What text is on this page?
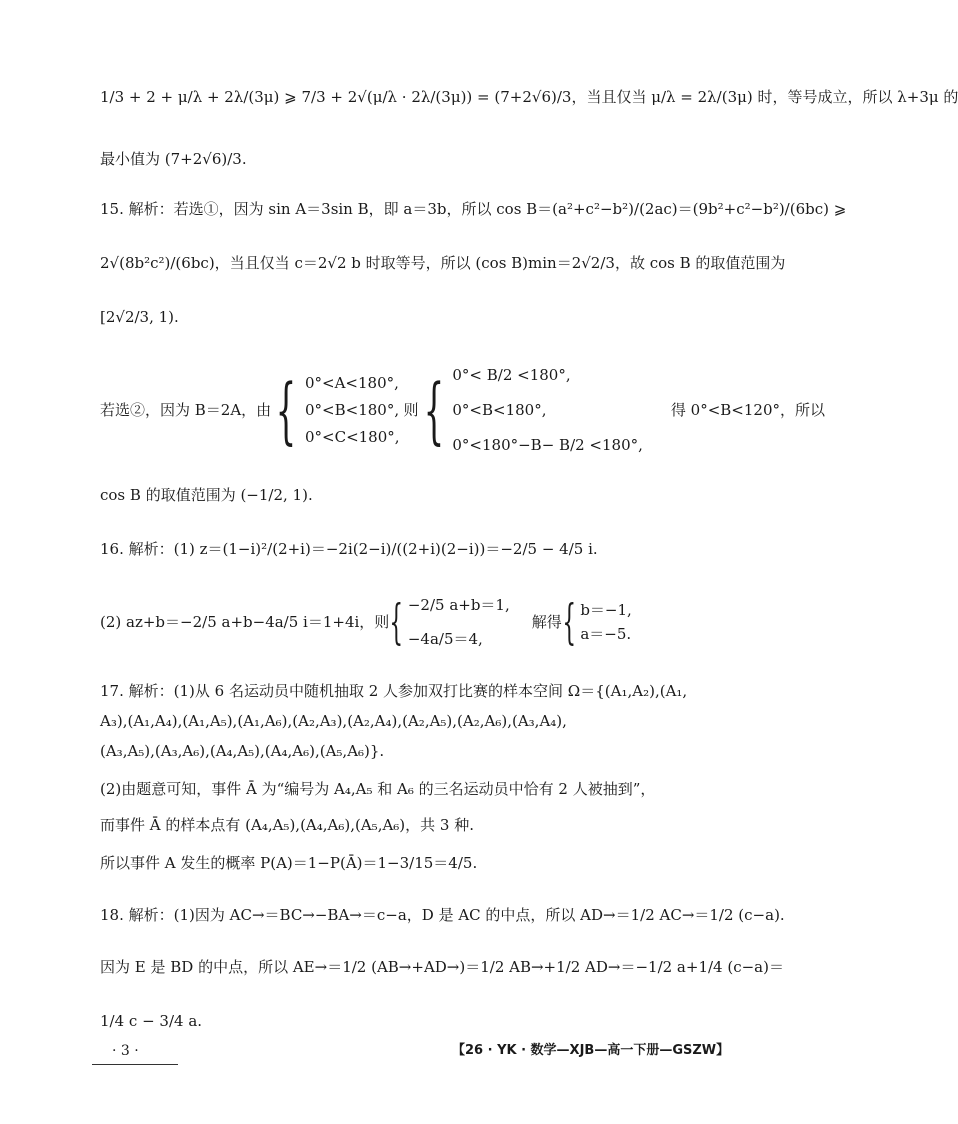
1/3 + 2 + μ/λ + 2λ/(3μ) ⩾ 7/3 + 2√(μ/λ · 2λ/(3μ)) = (7+2√6)/3，当且仅当 μ/λ = 2λ/(3μ) 时，等号成立，所以 λ+3μ 的
最小值为 (7+2√6)/3.
15. 解析：若选①，因为 sin A＝3sin B，即 a＝3b，所以 cos B＝(a²+c²−b²)/(2ac)＝(9b²+c²−b²)/(6bc) ⩾
2√(8b²c²)/(6bc)，当且仅当 c＝2√2 b 时取等号，所以 (cos B)min＝2√2/3，故 cos B 的取值范围为
[2√2/3, 1).
若选②，因为 B＝2A，由 { 0°<A<180°,
0°<B<180°,
0°<C<180°,
则 { 0°< B/2 <180°,
0°<B<180°,
0°<180°−B− B/2 <180°,
得 0°<B<120°，所以
cos B 的取值范围为 (−1/2, 1).
16. 解析：(1) z＝(1−i)²/(2+i)＝−2i(2−i)/((2+i)(2−i))＝−2/5 − 4/5 i.
(2) az+b＝−2/5 a+b−4a/5 i＝1+4i，则 { −2/5 a+b＝1,
−4a/5＝4,
解得 { b＝−1,
a＝−5.
17. 解析：(1)从 6 名运动员中随机抽取 2 人参加双打比赛的样本空间 Ω＝{(A₁,A₂),(A₁,
A₃),(A₁,A₄),(A₁,A₅),(A₁,A₆),(A₂,A₃),(A₂,A₄),(A₂,A₅),(A₂,A₆),(A₃,A₄),
(A₃,A₅),(A₃,A₆),(A₄,A₅),(A₄,A₆),(A₅,A₆)}.
(2)由题意可知，事件 Ā 为“编号为 A₄,A₅ 和 A₆ 的三名运动员中恰有 2 人被抽到”，
而事件 Ā 的样本点有 (A₄,A₅),(A₄,A₆),(A₅,A₆)，共 3 种.
所以事件 A 发生的概率 P(A)＝1−P(Ā)＝1−3/15＝4/5.
18. 解析：(1)因为 AC→＝BC→−BA→＝c−a，D 是 AC 的中点，所以 AD→＝1/2 AC→＝1/2 (c−a).
因为 E 是 BD 的中点，所以 AE→＝1/2 (AB→+AD→)＝1/2 AB→+1/2 AD→＝−1/2 a+1/4 (c−a)＝
1/4 c − 3/4 a.
· 3 ·	【26 · YK · 数学—XJB—高一下册—GSZW】
